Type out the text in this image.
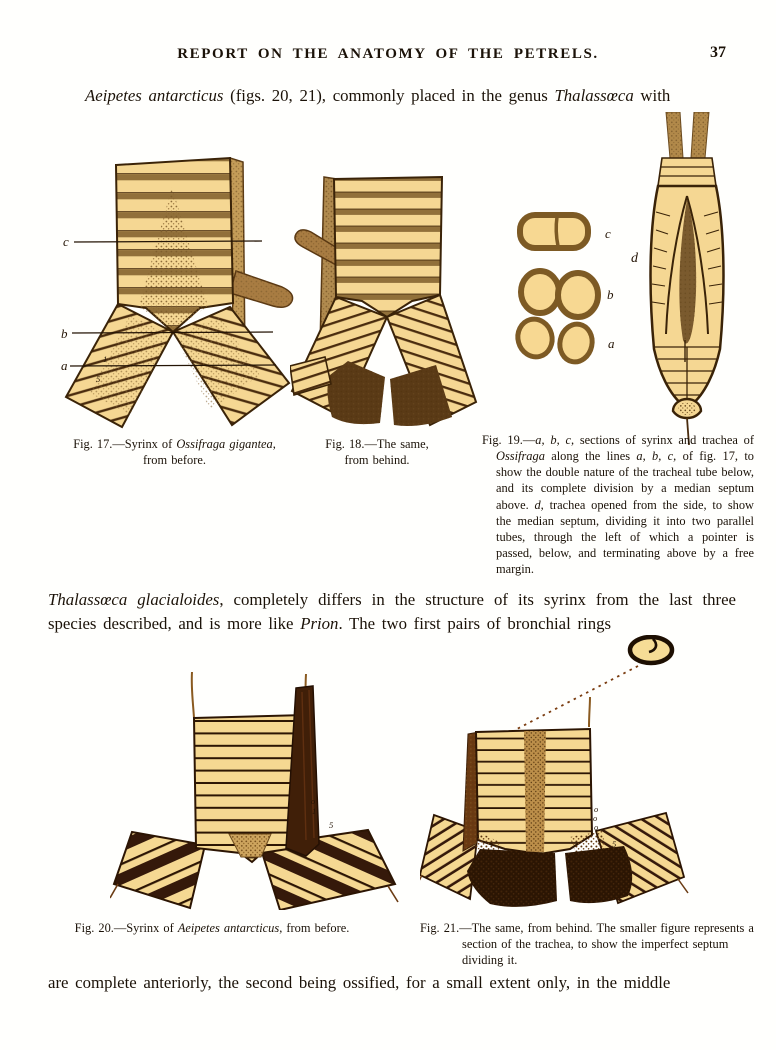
REPORT ON THE ANATOMY OF THE PETRELS.	37
Aeipetes antarcticus (figs. 20, 21), commonly placed in the genus Thalassœca with
c
b
a	1
5
c
b
a
d
Fig. 17.—Syrinx of Ossifraga gigantea, from before.
Fig. 18.—The same, from behind.
Fig. 19.—a, b, c, sections of syrinx and trachea of Ossifraga along the lines a, b, c, of fig. 17, to show the double nature of the tracheal tube below, and its complete division by a median septum above. d, trachea opened from the side, to show the median septum, dividing it into two parallel tubes, through the left of which a pointer is passed, below, and terminating above by a free margin.
Thalassœca glacialoides, completely differs in the structure of its syrinx from the last three species described, and is more like Prion. The two first pairs of bronchial rings
o
1
5
o
o
o
5
Fig. 20.—Syrinx of Aeipetes antarcticus, from before.	Fig. 21.—The same, from behind. The smaller figure represents a section of the trachea, to show the imperfect septum dividing it.
are complete anteriorly, the second being ossified, for a small extent only, in the middle
